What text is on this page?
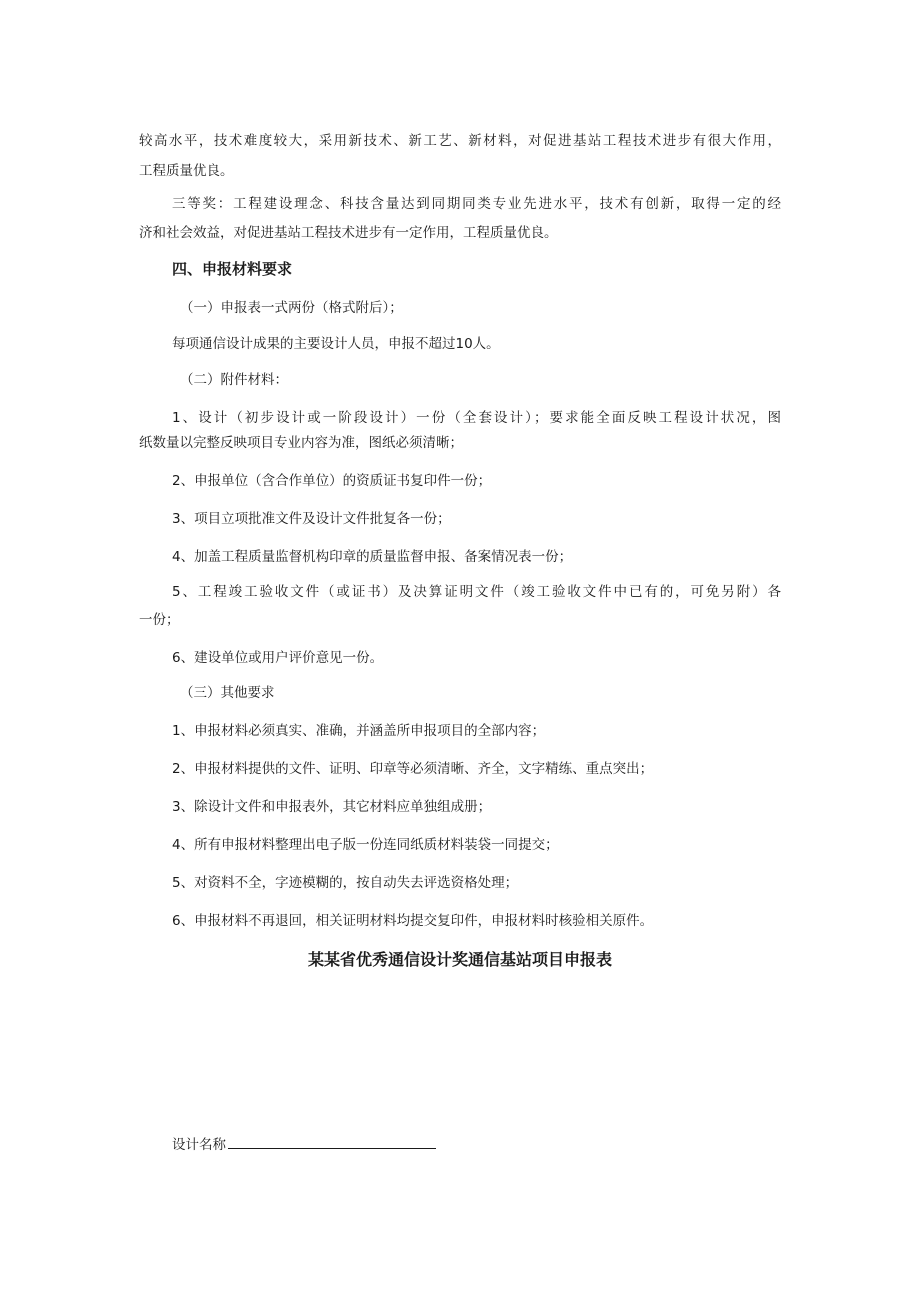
较高水平，技术难度较大，采用新技术、新工艺、新材料，对促进基站工程技术进步有很大作用，
工程质量优良。
三等奖：工程建设理念、科技含量达到同期同类专业先进水平，技术有创新，取得一定的经
济和社会效益，对促进基站工程技术进步有一定作用，工程质量优良。
四、申报材料要求
（一）申报表一式两份（格式附后）；
每项通信设计成果的主要设计人员，申报不超过10人。
（二）附件材料：
1、设计（初步设计或一阶段设计）一份（全套设计）；要求能全面反映工程设计状况，图
纸数量以完整反映项目专业内容为准，图纸必须清晰；
2、申报单位（含合作单位）的资质证书复印件一份；
3、项目立项批准文件及设计文件批复各一份；
4、加盖工程质量监督机构印章的质量监督申报、备案情况表一份；
5、工程竣工验收文件（或证书）及决算证明文件（竣工验收文件中已有的，可免另附）各
一份；
6、建设单位或用户评价意见一份。
（三）其他要求
1、申报材料必须真实、准确，并涵盖所申报项目的全部内容；
2、申报材料提供的文件、证明、印章等必须清晰、齐全，文字精练、重点突出；
3、除设计文件和申报表外，其它材料应单独组成册；
4、所有申报材料整理出电子版一份连同纸质材料装袋一同提交；
5、对资料不全，字迹模糊的，按自动失去评选资格处理；
6、申报材料不再退回，相关证明材料均提交复印件，申报材料时核验相关原件。
某某省优秀通信设计奖通信基站项目申报表
设计名称
